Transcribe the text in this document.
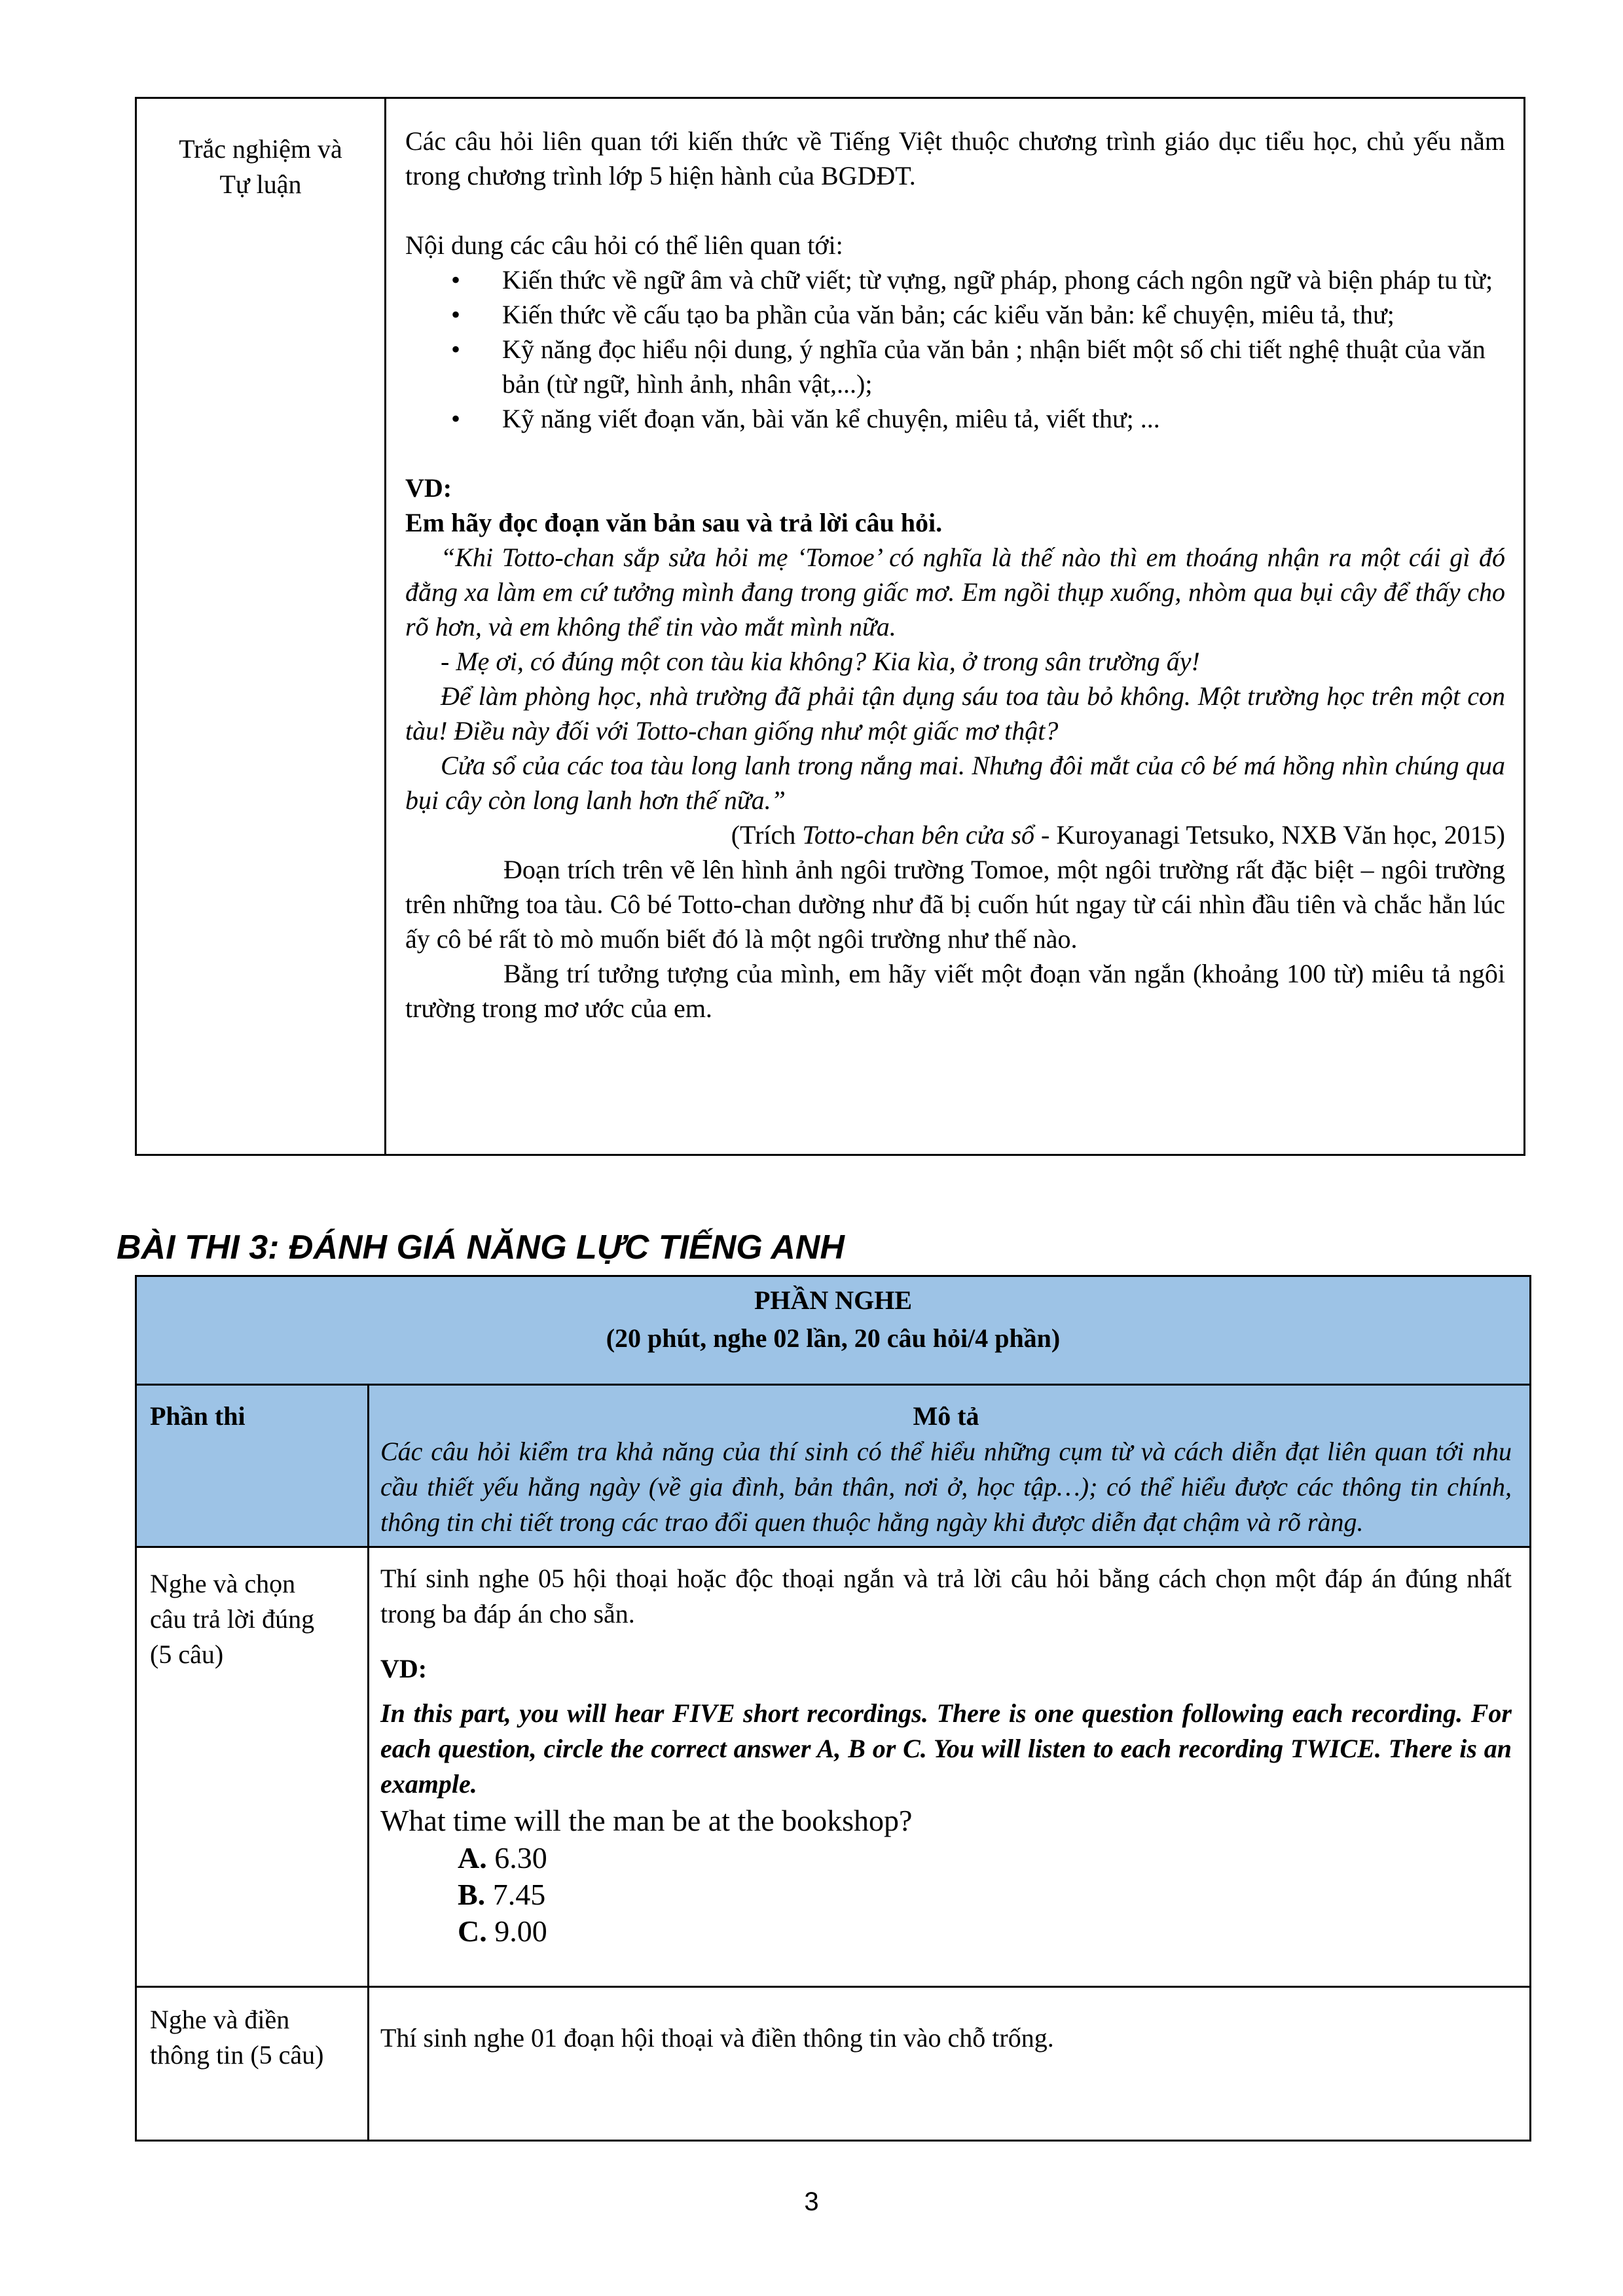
Trắc nghiệm và
Tự luận

Các câu hỏi liên quan tới kiến thức về Tiếng Việt thuộc chương trình giáo dục tiểu học, chủ yếu nằm trong chương trình lớp 5 hiện hành của BGDĐT.

Nội dung các câu hỏi có thể liên quan tới:

• Kiến thức về ngữ âm và chữ viết; từ vựng, ngữ pháp, phong cách ngôn ngữ và biện pháp tu từ;
• Kiến thức về cấu tạo ba phần của văn bản; các kiểu văn bản: kể chuyện, miêu tả, thư;
• Kỹ năng đọc hiểu nội dung, ý nghĩa của văn bản ; nhận biết một số chi tiết nghệ thuật của văn bản (từ ngữ, hình ảnh, nhân vật,...);
• Kỹ năng viết đoạn văn, bài văn kể chuyện, miêu tả, viết thư; ...

VD:

Em hãy đọc đoạn văn bản sau và trả lời câu hỏi.

“Khi Totto-chan sắp sửa hỏi mẹ ‘Tomoe’ có nghĩa là thế nào thì em thoáng nhận ra một cái gì đó đằng xa làm em cứ tưởng mình đang trong giấc mơ. Em ngồi thụp xuống, nhòm qua bụi cây để thấy cho rõ hơn, và em không thể tin vào mắt mình nữa.

- Mẹ ơi, có đúng một con tàu kia không? Kia kìa, ở trong sân trường ấy!

Để làm phòng học, nhà trường đã phải tận dụng sáu toa tàu bỏ không. Một trường học trên một con tàu! Điều này đối với Totto-chan giống như một giấc mơ thật?

Cửa sổ của các toa tàu long lanh trong nắng mai. Nhưng đôi mắt của cô bé má hồng nhìn chúng qua bụi cây còn long lanh hơn thế nữa.”

(Trích Totto-chan bên cửa sổ - Kuroyanagi Tetsuko, NXB Văn học, 2015)

Đoạn trích trên vẽ lên hình ảnh ngôi trường Tomoe, một ngôi trường rất đặc biệt – ngôi trường trên những toa tàu. Cô bé Totto-chan dường như đã bị cuốn hút ngay từ cái nhìn đầu tiên và chắc hẳn lúc ấy cô bé rất tò mò muốn biết đó là một ngôi trường như thế nào.

Bằng trí tưởng tượng của mình, em hãy viết một đoạn văn ngắn (khoảng 100 từ) miêu tả ngôi trường trong mơ ước của em.

BÀI THI 3: ĐÁNH GIÁ NĂNG LỰC TIẾNG ANH
PHẦN NGHE
(20 phút, nghe 02 lần, 20 câu hỏi/4 phần)
Phần thi	Mô tả
Các câu hỏi kiểm tra khả năng của thí sinh có thể hiểu những cụm từ và cách diễn đạt liên quan tới nhu cầu thiết yếu hằng ngày (về gia đình, bản thân, nơi ở, học tập…); có thể hiểu được các thông tin chính, thông tin chi tiết trong các trao đổi quen thuộc hằng ngày khi được diễn đạt chậm và rõ ràng.
Nghe và chọn
câu trả lời đúng
(5 câu)

Thí sinh nghe 05 hội thoại hoặc độc thoại ngắn và trả lời câu hỏi bằng cách chọn một đáp án đúng nhất trong ba đáp án cho sẵn.

VD:

In this part, you will hear FIVE short recordings. There is one question following each recording. For each question, circle the correct answer A, B or C. You will listen to each recording TWICE. There is an example.

What time will the man be at the bookshop?

A. 6.30

B. 7.45

C. 9.00

Nghe và điền
thông tin (5 câu)
Thí sinh nghe 01 đoạn hội thoại và điền thông tin vào chỗ trống.
3
